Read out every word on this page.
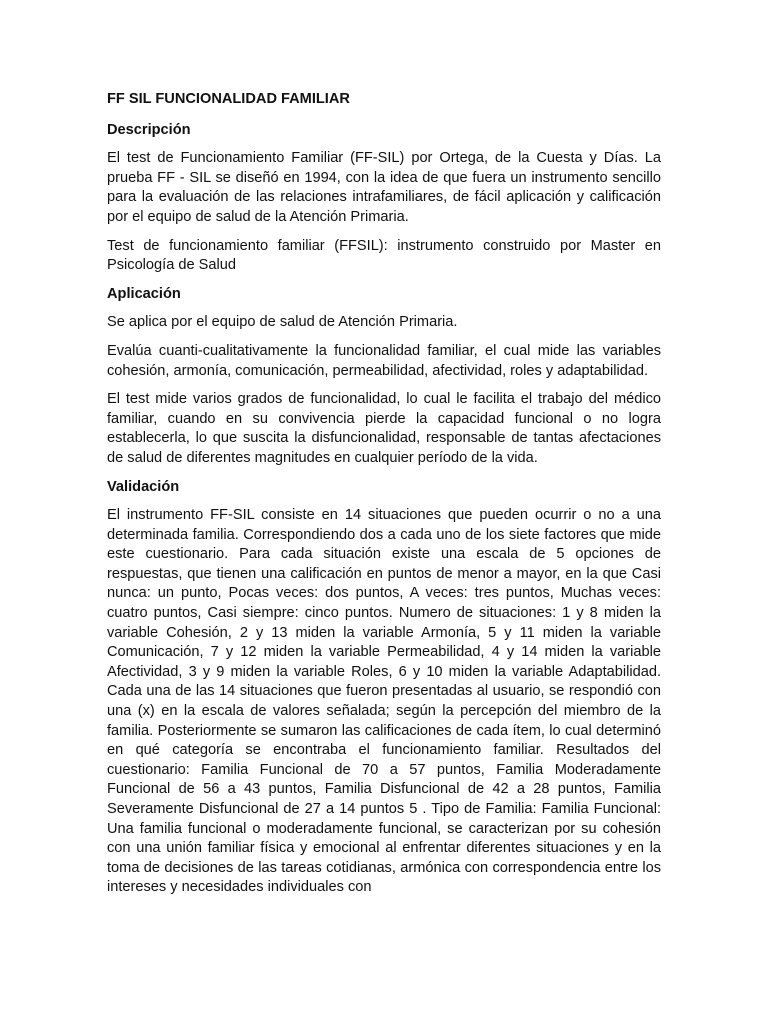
FF SIL FUNCIONALIDAD FAMILIAR
Descripción

El test de Funcionamiento Familiar (FF-SIL) por Ortega, de la Cuesta y Días. La prueba FF - SIL se diseñó en 1994, con la idea de que fuera un instrumento sencillo para la evaluación de las relaciones intrafamiliares, de fácil aplicación y calificación por el equipo de salud de la Atención Primaria.

Test de funcionamiento familiar (FFSIL): instrumento construido por Master en Psicología de Salud

Aplicación

Se aplica por el equipo de salud de Atención Primaria.

Evalúa cuanti-cualitativamente la funcionalidad familiar, el cual mide las variables cohesión, armonía, comunicación, permeabilidad, afectividad, roles y adaptabilidad.

El test mide varios grados de funcionalidad, lo cual le facilita el trabajo del médico familiar, cuando en su convivencia pierde la capacidad funcional o no logra establecerla, lo que suscita la disfuncionalidad, responsable de tantas afectaciones de salud de diferentes magnitudes en cualquier período de la vida.

Validación

El instrumento FF-SIL consiste en 14 situaciones que pueden ocurrir o no a una determinada familia. Correspondiendo dos a cada uno de los siete factores que mide este cuestionario. Para cada situación existe una escala de 5 opciones de respuestas, que tienen una calificación en puntos de menor a mayor, en la que Casi nunca: un punto, Pocas veces: dos puntos, A veces: tres puntos, Muchas veces: cuatro puntos, Casi siempre: cinco puntos. Numero de situaciones: 1 y 8 miden la variable Cohesión, 2 y 13 miden la variable Armonía, 5 y 11 miden la variable Comunicación, 7 y 12 miden la variable Permeabilidad, 4 y 14 miden la variable Afectividad, 3 y 9 miden la variable Roles, 6 y 10 miden la variable Adaptabilidad. Cada una de las 14 situaciones que fueron presentadas al usuario, se respondió con una (x) en la escala de valores señalada; según la percepción del miembro de la familia. Posteriormente se sumaron las calificaciones de cada ítem, lo cual determinó en qué categoría se encontraba el funcionamiento familiar. Resultados del cuestionario: Familia Funcional de 70 a 57 puntos, Familia Moderadamente Funcional de 56 a 43 puntos, Familia Disfuncional de 42 a 28 puntos, Familia Severamente Disfuncional de 27 a 14 puntos 5 . Tipo de Familia: Familia Funcional: Una familia funcional o moderadamente funcional, se caracterizan por su cohesión con una unión familiar física y emocional al enfrentar diferentes situaciones y en la toma de decisiones de las tareas cotidianas, armónica con correspondencia entre los intereses y necesidades individuales con
